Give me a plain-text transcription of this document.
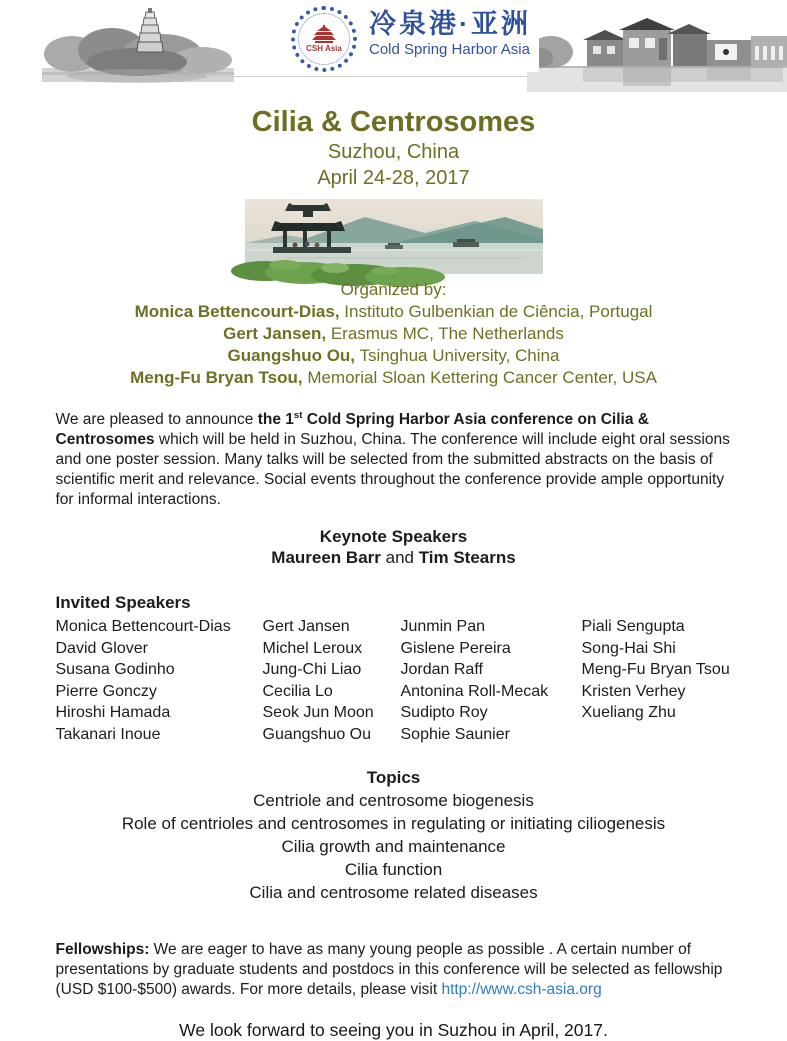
CSH Asia
冷泉港·亚洲
Cold Spring Harbor Asia
Cilia & Centrosomes
Suzhou, China
April 24-28, 2017
Organized by:
Monica Bettencourt-Dias, Instituto Gulbenkian de Ciência, Portugal
Gert Jansen, Erasmus MC, The Netherlands
Guangshuo Ou, Tsinghua University, China
Meng-Fu Bryan Tsou, Memorial Sloan Kettering Cancer Center, USA
We are pleased to announce the 1st Cold Spring Harbor Asia conference on Cilia & Centrosomes which will be held in Suzhou, China. The conference will include eight oral sessions and one poster session. Many talks will be selected from the submitted abstracts on the basis of scientific merit and relevance. Social events throughout the conference provide ample opportunity for informal interactions.
Keynote Speakers
Maureen Barr and Tim Stearns
Invited Speakers
Monica Bettencourt-Dias
David Glover
Susana Godinho
Pierre Gonczy
Hiroshi Hamada
Takanari Inoue
Gert Jansen
Michel Leroux
Jung-Chi Liao
Cecilia Lo
Seok Jun Moon
Guangshuo Ou
Junmin Pan
Gislene Pereira
Jordan Raff
Antonina Roll-Mecak
Sudipto Roy
Sophie Saunier
Piali Sengupta
Song-Hai Shi
Meng-Fu Bryan Tsou
Kristen Verhey
Xueliang Zhu
Topics
Centriole and centrosome biogenesis
Role of centrioles and centrosomes in regulating or initiating ciliogenesis
Cilia growth and maintenance
Cilia function
Cilia and centrosome related diseases
Fellowships: We are eager to have as many young people as possible . A certain number of presentations by graduate students and postdocs in this conference will be selected as fellowship (USD $100-$500) awards. For more details, please visit http://www.csh-asia.org
We look forward to seeing you in Suzhou in April, 2017.
